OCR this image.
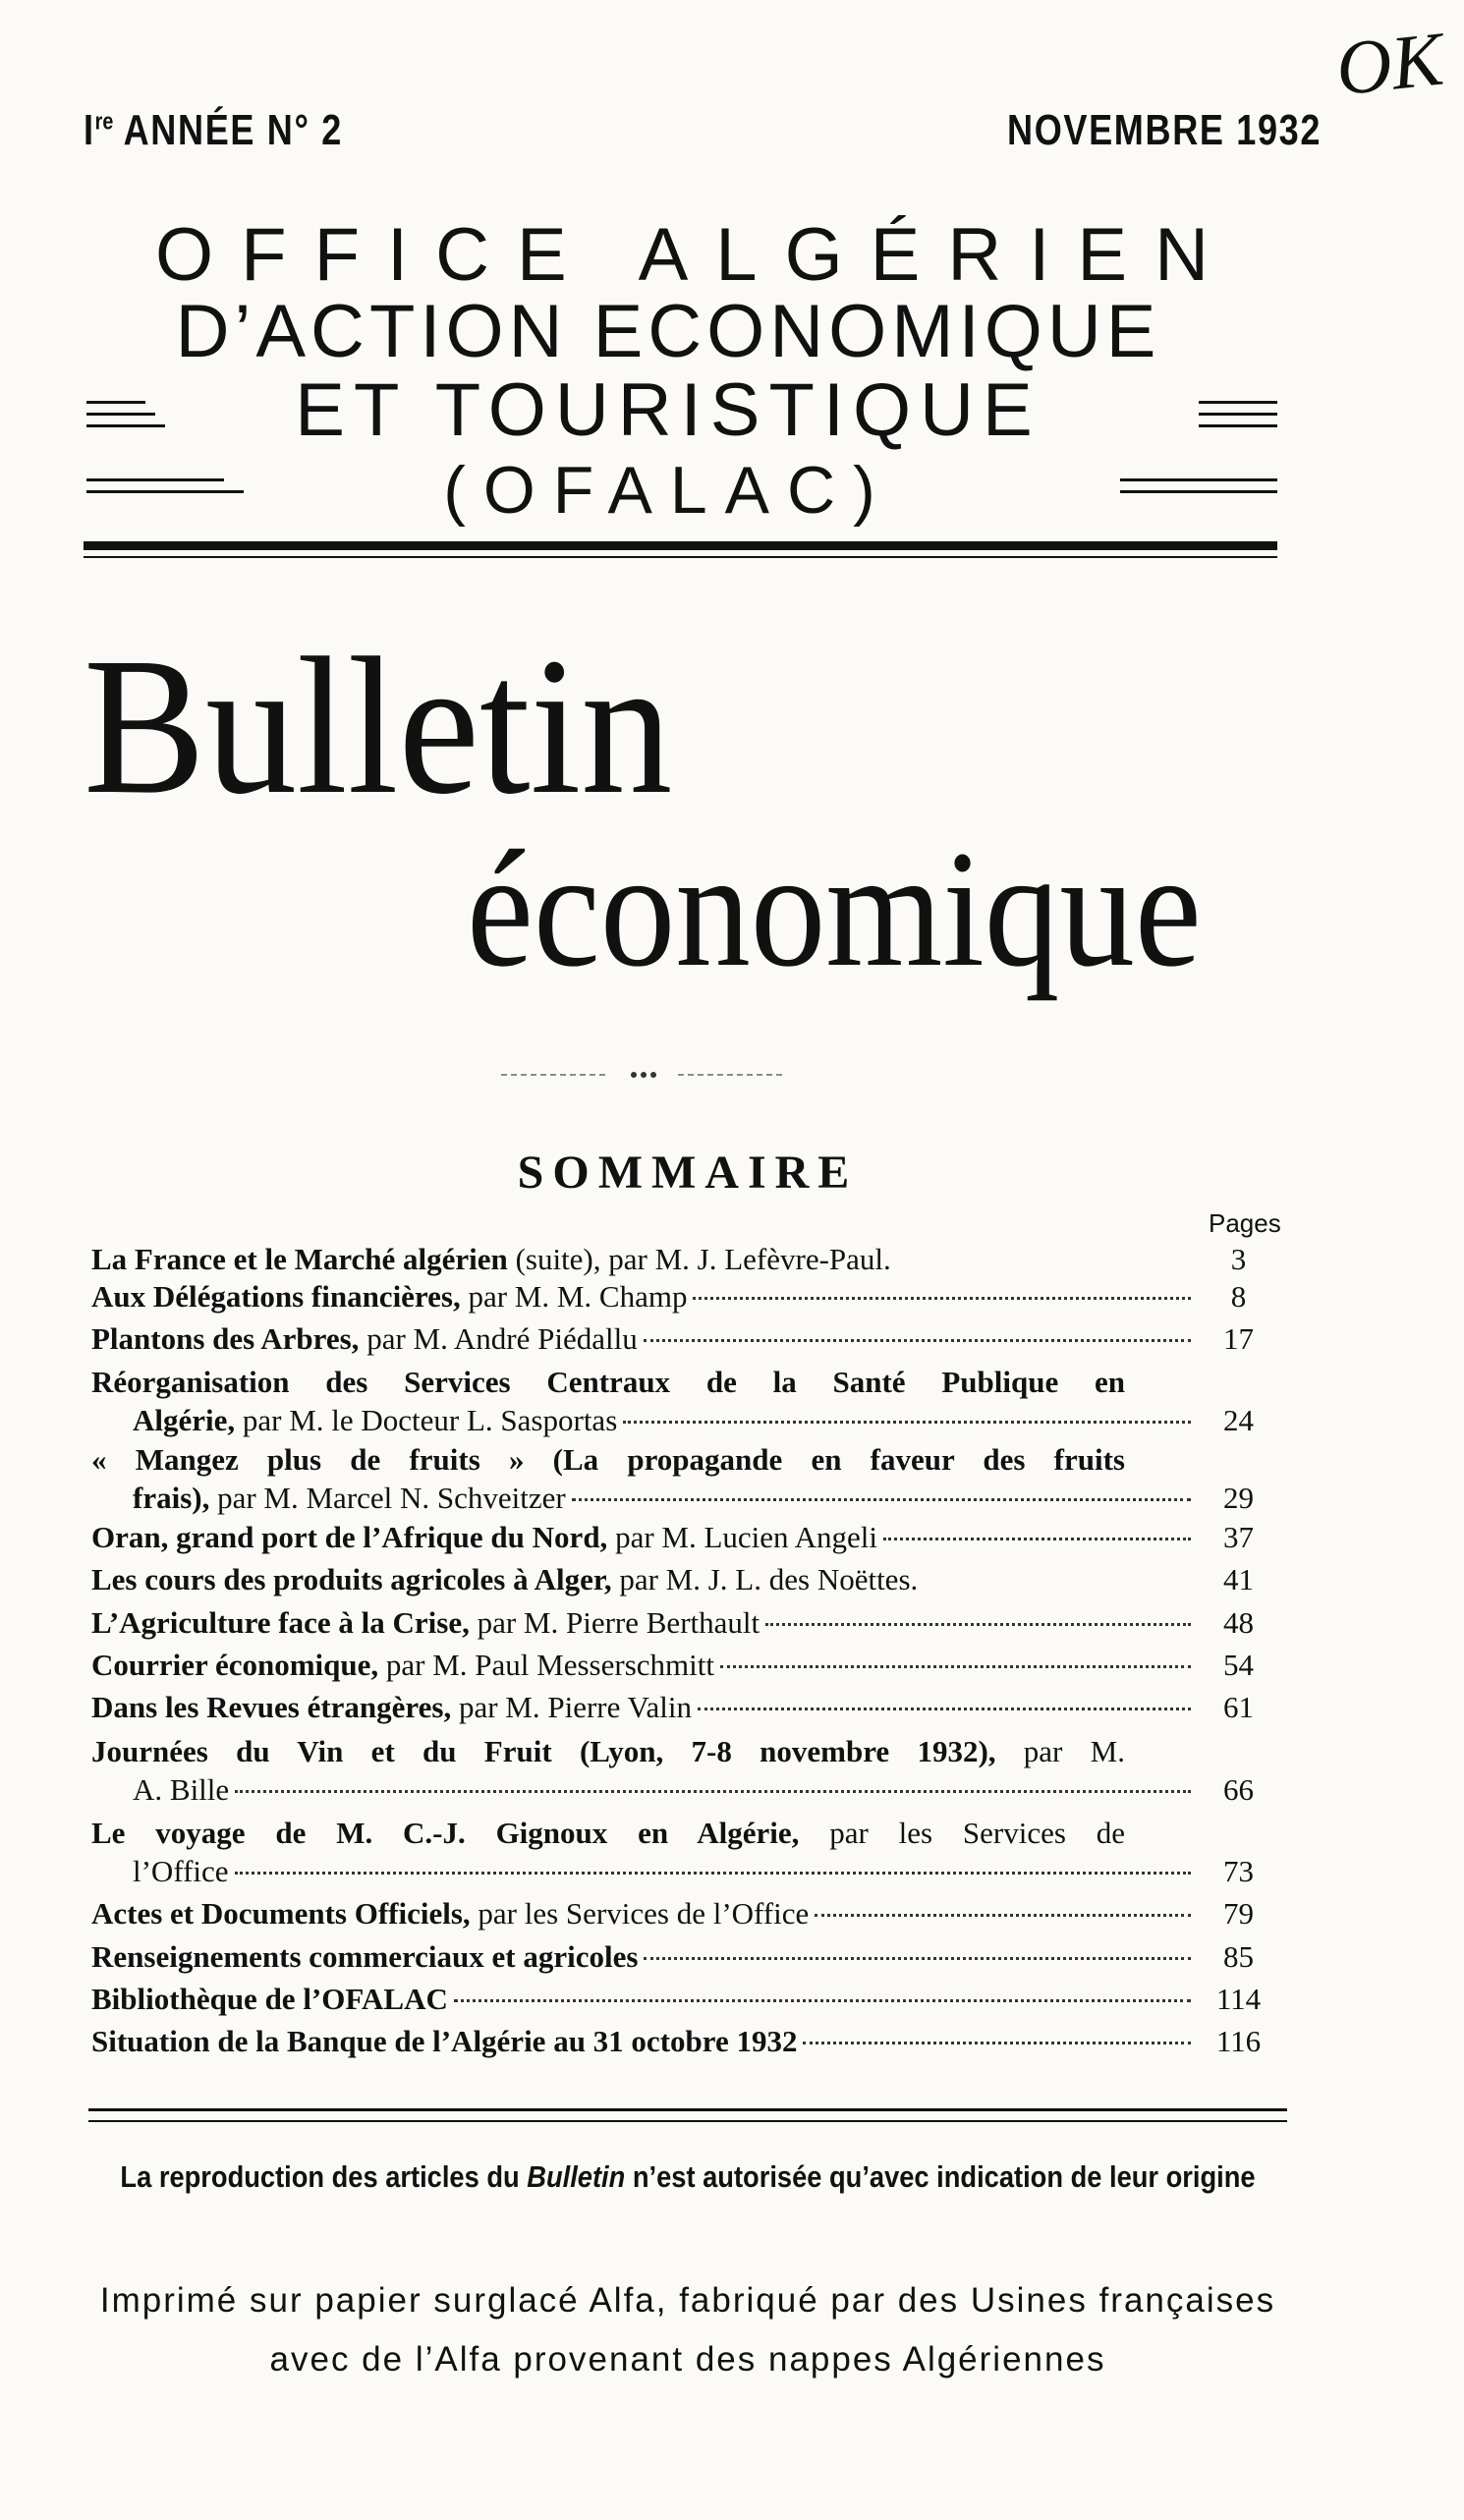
Ire ANNÉE N° 2	NOVEMBRE 1932
OK
OFFICE ALGÉRIEN
D’ACTION ECONOMIQUE
ET TOURISTIQUE
(OFALAC)
Bulletin
économique
SOMMAIRE
Pages
La France et le Marché algérien (suite), par M. J. Lefèvre-Paul.	3
Aux Délégations financières, par M. M. Champ	8
Plantons des Arbres, par M. André Piédallu	17
Réorganisation des Services Centraux de la Santé Publique en
Algérie, par M. le Docteur L. Sasportas	24
« Mangez plus de fruits » (La propagande en faveur des fruits
frais), par M. Marcel N. Schveitzer	29
Oran, grand port de l’Afrique du Nord, par M. Lucien Angeli	37
Les cours des produits agricoles à Alger, par M. J. L. des Noëttes.	41
L’Agriculture face à la Crise, par M. Pierre Berthault	48
Courrier économique, par M. Paul Messerschmitt	54
Dans les Revues étrangères, par M. Pierre Valin	61
Journées du Vin et du Fruit (Lyon, 7-8 novembre 1932), par M.
A. Bille	66
Le voyage de M. C.-J. Gignoux en Algérie, par les Services de
l’Office	73
Actes et Documents Officiels, par les Services de l’Office	79
Renseignements commerciaux et agricoles	85
Bibliothèque de l’OFALAC	114
Situation de la Banque de l’Algérie au 31 octobre 1932	116
La reproduction des articles du Bulletin n’est autorisée qu’avec indication de leur origine
Imprimé sur papier surglacé Alfa, fabriqué par des Usines françaises
avec de l’Alfa provenant des nappes Algériennes
